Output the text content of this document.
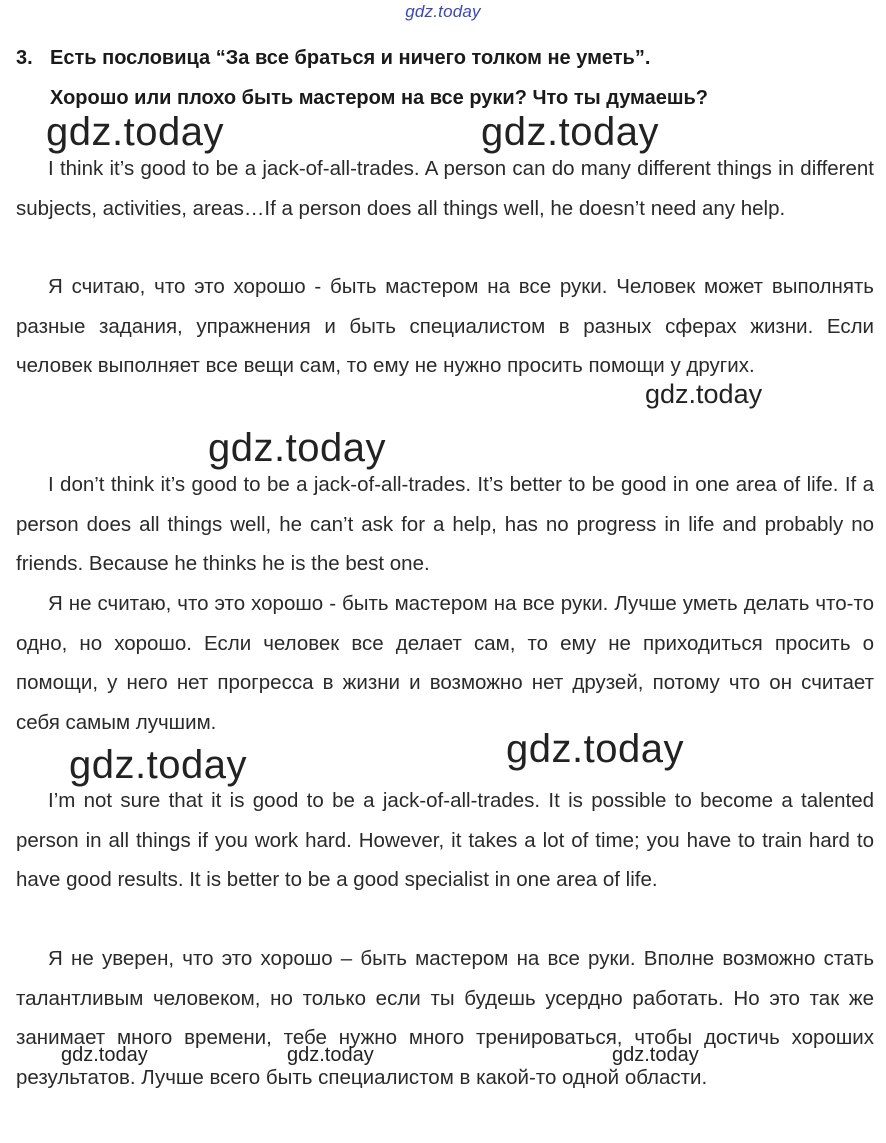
gdz.today
3. Есть пословица “За все браться и ничего толком не уметь”.
Хорошо или плохо быть мастером на все руки? Что ты думаешь?

I think it’s good to be a jack-of-all-trades. A person can do many different things in different subjects, activities, areas…If a person does all things well, he doesn’t need any help.

Я считаю, что это хорошо - быть мастером на все руки. Человек может выполнять разные задания, упражнения и быть специалистом в разных сферах жизни. Если человек выполняет все вещи сам, то ему не нужно просить помощи у других.

I don’t think it’s good to be a jack-of-all-trades. It’s better to be good in one area of life. If a person does all things well, he can’t ask for a help, has no progress in life and probably no friends. Because he thinks he is the best one.

Я не считаю, что это хорошо - быть мастером на все руки. Лучше уметь делать что-то одно, но хорошо. Если человек все делает сам, то ему не приходиться просить о помощи, у него нет прогресса в жизни и возможно нет друзей, потому что он считает себя самым лучшим.

I’m not sure that it is good to be a jack-of-all-trades. It is possible to become a talented person in all things if you work hard. However, it takes a lot of time; you have to train hard to have good results. It is better to be a good specialist in one area of life.

Я не уверен, что это хорошо – быть мастером на все руки. Вполне возможно стать талантливым человеком, но только если ты будешь усердно работать. Но это так же занимает много времени, тебе нужно много тренироваться, чтобы достичь хороших результатов. Лучше всего быть специалистом в какой-то одной области.

gdz.today	gdz.today
gdz.today
gdz.today
gdz.today
gdz.today
gdz.today	gdz.today	gdz.today
